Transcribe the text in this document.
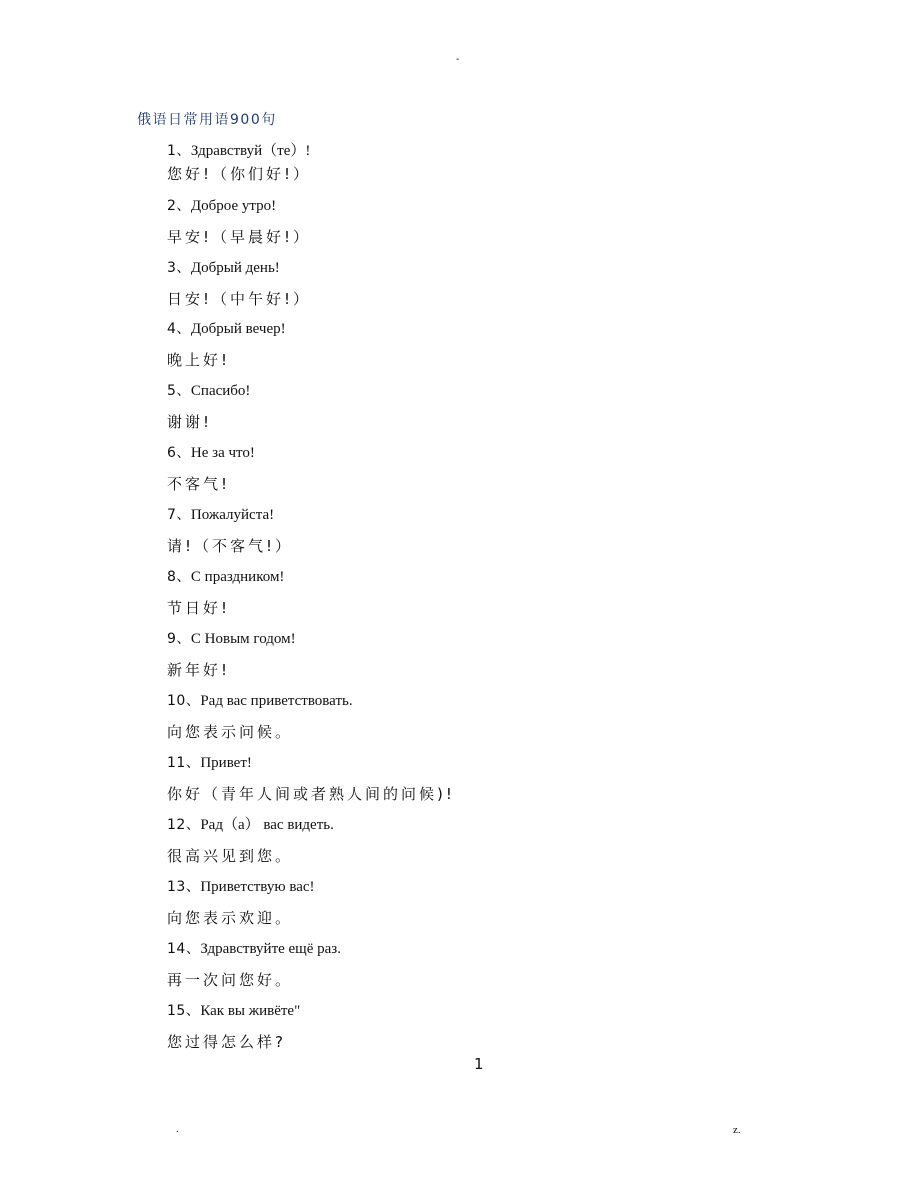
-
俄语日常用语900句
1、Здравствуй（те）!
您好!（你们好!）
2、Доброе утро!
早安!（早晨好!）
3、Добрый день!
日安!（中午好!）
4、Добрый вечер!
晚上好!
5、Спасибо!
谢谢!
6、Не за что!
不客气!
7、Пожалуйста!
请!（不客气!）
8、С праздником!
节日好!
9、С Новым годом!
新年好!
10、Рад вас приветствовать.
向您表示问候。
11、Привет!
你好（青年人间或者熟人间的问候)!
12、Рад（а） вас видеть.
很高兴见到您。
13、Приветствую вас!
向您表示欢迎。
14、Здравствуйте ещё раз.
再一次问您好。
15、Как вы живёте"
您过得怎么样?
1
.	z.
